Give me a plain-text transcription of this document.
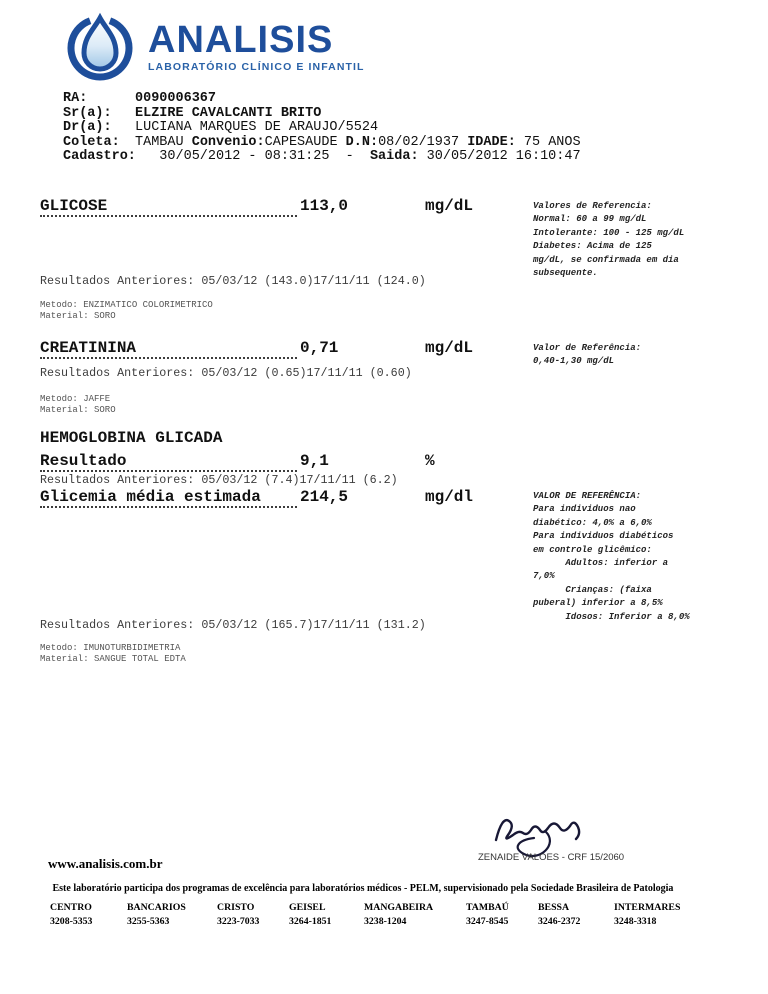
ANALISIS
LABORATÓRIO CLÍNICO E INFANTIL
RA:	0090006367
Sr(a): ELZIRE CAVALCANTI BRITO
Dr(a): LUCIANA MARQUES DE ARAUJO/5524
Coleta: TAMBAU Convenio:CAPESAUDE D.N:08/02/1937 IDADE: 75 ANOS
Cadastro:   30/05/2012 - 08:31:25  -  Saida: 30/05/2012 16:10:47
GLICOSE	113,0	mg/dL	Valores de Referencia:
Normal: 60 a 99 mg/dL
Intolerante: 100 - 125 mg/dL
Diabetes: Acima de 125
mg/dL, se confirmada em dia
subsequente.
Resultados Anteriores: 05/03/12 (143.0)17/11/11 (124.0)
Metodo: ENZIMATICO COLORIMETRICO
Material: SORO
CREATININA	0,71	mg/dL	Valor de Referência:
0,40-1,30 mg/dL
Resultados Anteriores: 05/03/12 (0.65)17/11/11 (0.60)
Metodo: JAFFE
Material: SORO
HEMOGLOBINA GLICADA
Resultado	9,1	%
Resultados Anteriores: 05/03/12 (7.4)17/11/11 (6.2)
Glicemia média estimada 214,5	mg/dl	VALOR DE REFERÊNCIA:
Para individuos nao
diabético: 4,0% a 6,0%
Para individuos diabéticos
em controle glicêmico:
Adultos: inferior a
7,0%
Crianças: (faixa
puberal) inferior a 8,5%
Idosos: Inferior a 8,0%
Resultados Anteriores: 05/03/12 (165.7)17/11/11 (131.2)
Metodo: IMUNOTURBIDIMETRIA
Material: SANGUE TOTAL EDTA
ZENAIDE VALOES - CRF 15/2060
www.analisis.com.br
Este laboratório participa dos programas de excelência para laboratórios médicos - PELM, supervisionado pela Sociedade Brasileira de Patologia
CENTRO
3208-5353
BANCARIOS
3255-5363
CRISTO
3223-7033
GEISEL
3264-1851
MANGABEIRA
3238-1204
TAMBAÚ
3247-8545
BESSA
3246-2372
INTERMARES
3248-3318
